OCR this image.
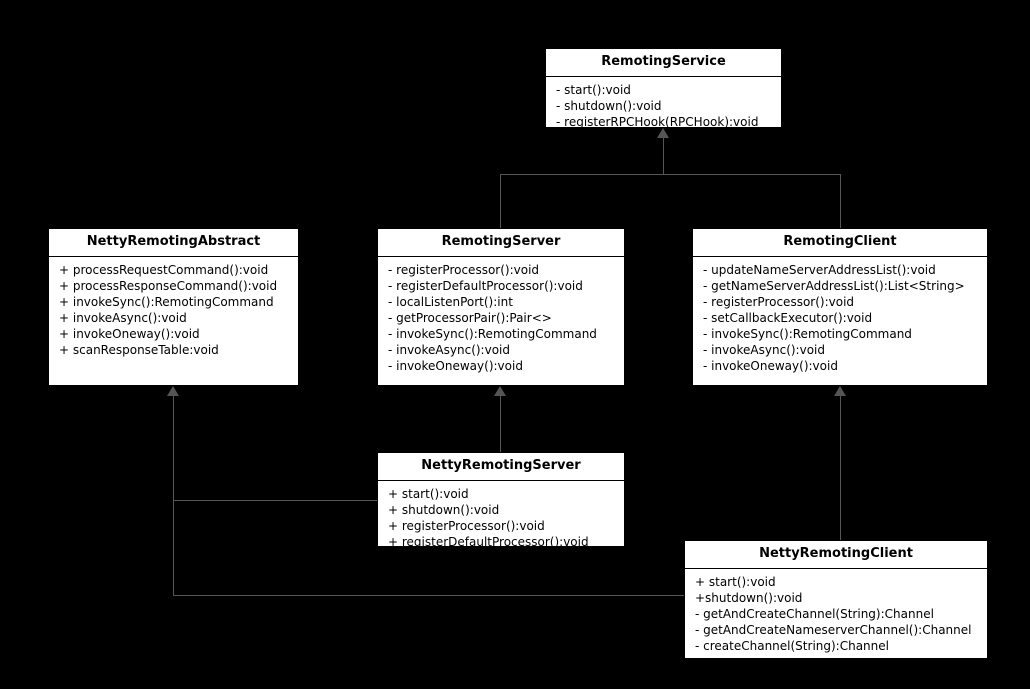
RemotingService
- start():void
- shutdown():void
- registerRPCHook(RPCHook):void
NettyRemotingAbstract
+ processRequestCommand():void
+ processResponseCommand():void
+ invokeSync():RemotingCommand
+ invokeAsync():void
+ invokeOneway():void
+ scanResponseTable:void
RemotingServer
- registerProcessor():void
- registerDefaultProcessor():void
- localListenPort():int
- getProcessorPair():Pair<>
- invokeSync():RemotingCommand
- invokeAsync():void
- invokeOneway():void
RemotingClient
- updateNameServerAddressList():void
- getNameServerAddressList():List<String>
- registerProcessor():void
- setCallbackExecutor():void
- invokeSync():RemotingCommand
- invokeAsync():void
- invokeOneway():void
NettyRemotingServer
+ start():void
+ shutdown():void
+ registerProcessor():void
+ registerDefaultProcessor():void
NettyRemotingClient
+ start():void
+shutdown():void
- getAndCreateChannel(String):Channel
- getAndCreateNameserverChannel():Channel
- createChannel(String):Channel
